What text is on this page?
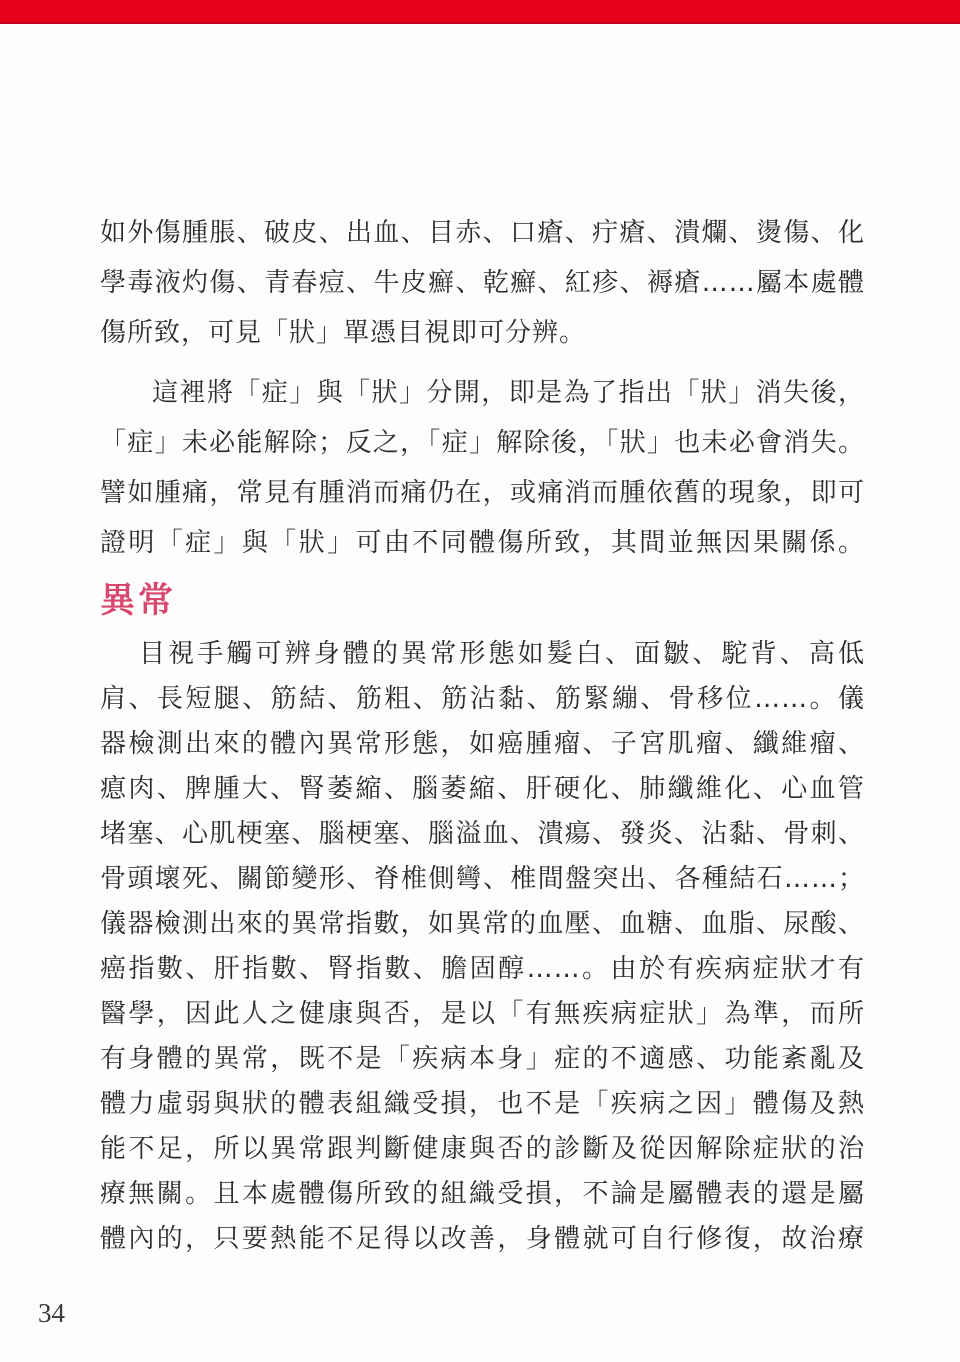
如外傷腫脹、破皮、出血、目赤、口瘡、疔瘡、潰爛、燙傷、化
學毒液灼傷、青春痘、牛皮癬、乾癬、紅疹、褥瘡……屬本處體
傷所致，可見「狀」單憑目視即可分辨。
這裡將「症」與「狀」分開，即是為了指出「狀」消失後，
「症」未必能解除；反之，「症」解除後，「狀」也未必會消失。
譬如腫痛，常見有腫消而痛仍在，或痛消而腫依舊的現象，即可
證明「症」與「狀」可由不同體傷所致，其間並無因果關係。
異常
目視手觸可辨身體的異常形態如髮白、面皺、駝背、高低
肩、長短腿、筋結、筋粗、筋沾黏、筋緊繃、骨移位……。儀
器檢測出來的體內異常形態，如癌腫瘤、子宮肌瘤、纖維瘤、
瘜肉、脾腫大、腎萎縮、腦萎縮、肝硬化、肺纖維化、心血管
堵塞、心肌梗塞、腦梗塞、腦溢血、潰瘍、發炎、沾黏、骨刺、
骨頭壞死、關節變形、脊椎側彎、椎間盤突出、各種結石……；
儀器檢測出來的異常指數，如異常的血壓、血糖、血脂、尿酸、
癌指數、肝指數、腎指數、膽固醇……。由於有疾病症狀才有
醫學，因此人之健康與否，是以「有無疾病症狀」為準，而所
有身體的異常，既不是「疾病本身」症的不適感、功能紊亂及
體力虛弱與狀的體表組織受損，也不是「疾病之因」體傷及熱
能不足，所以異常跟判斷健康與否的診斷及從因解除症狀的治
療無關。且本處體傷所致的組織受損，不論是屬體表的還是屬
體內的，只要熱能不足得以改善，身體就可自行修復，故治療
34
